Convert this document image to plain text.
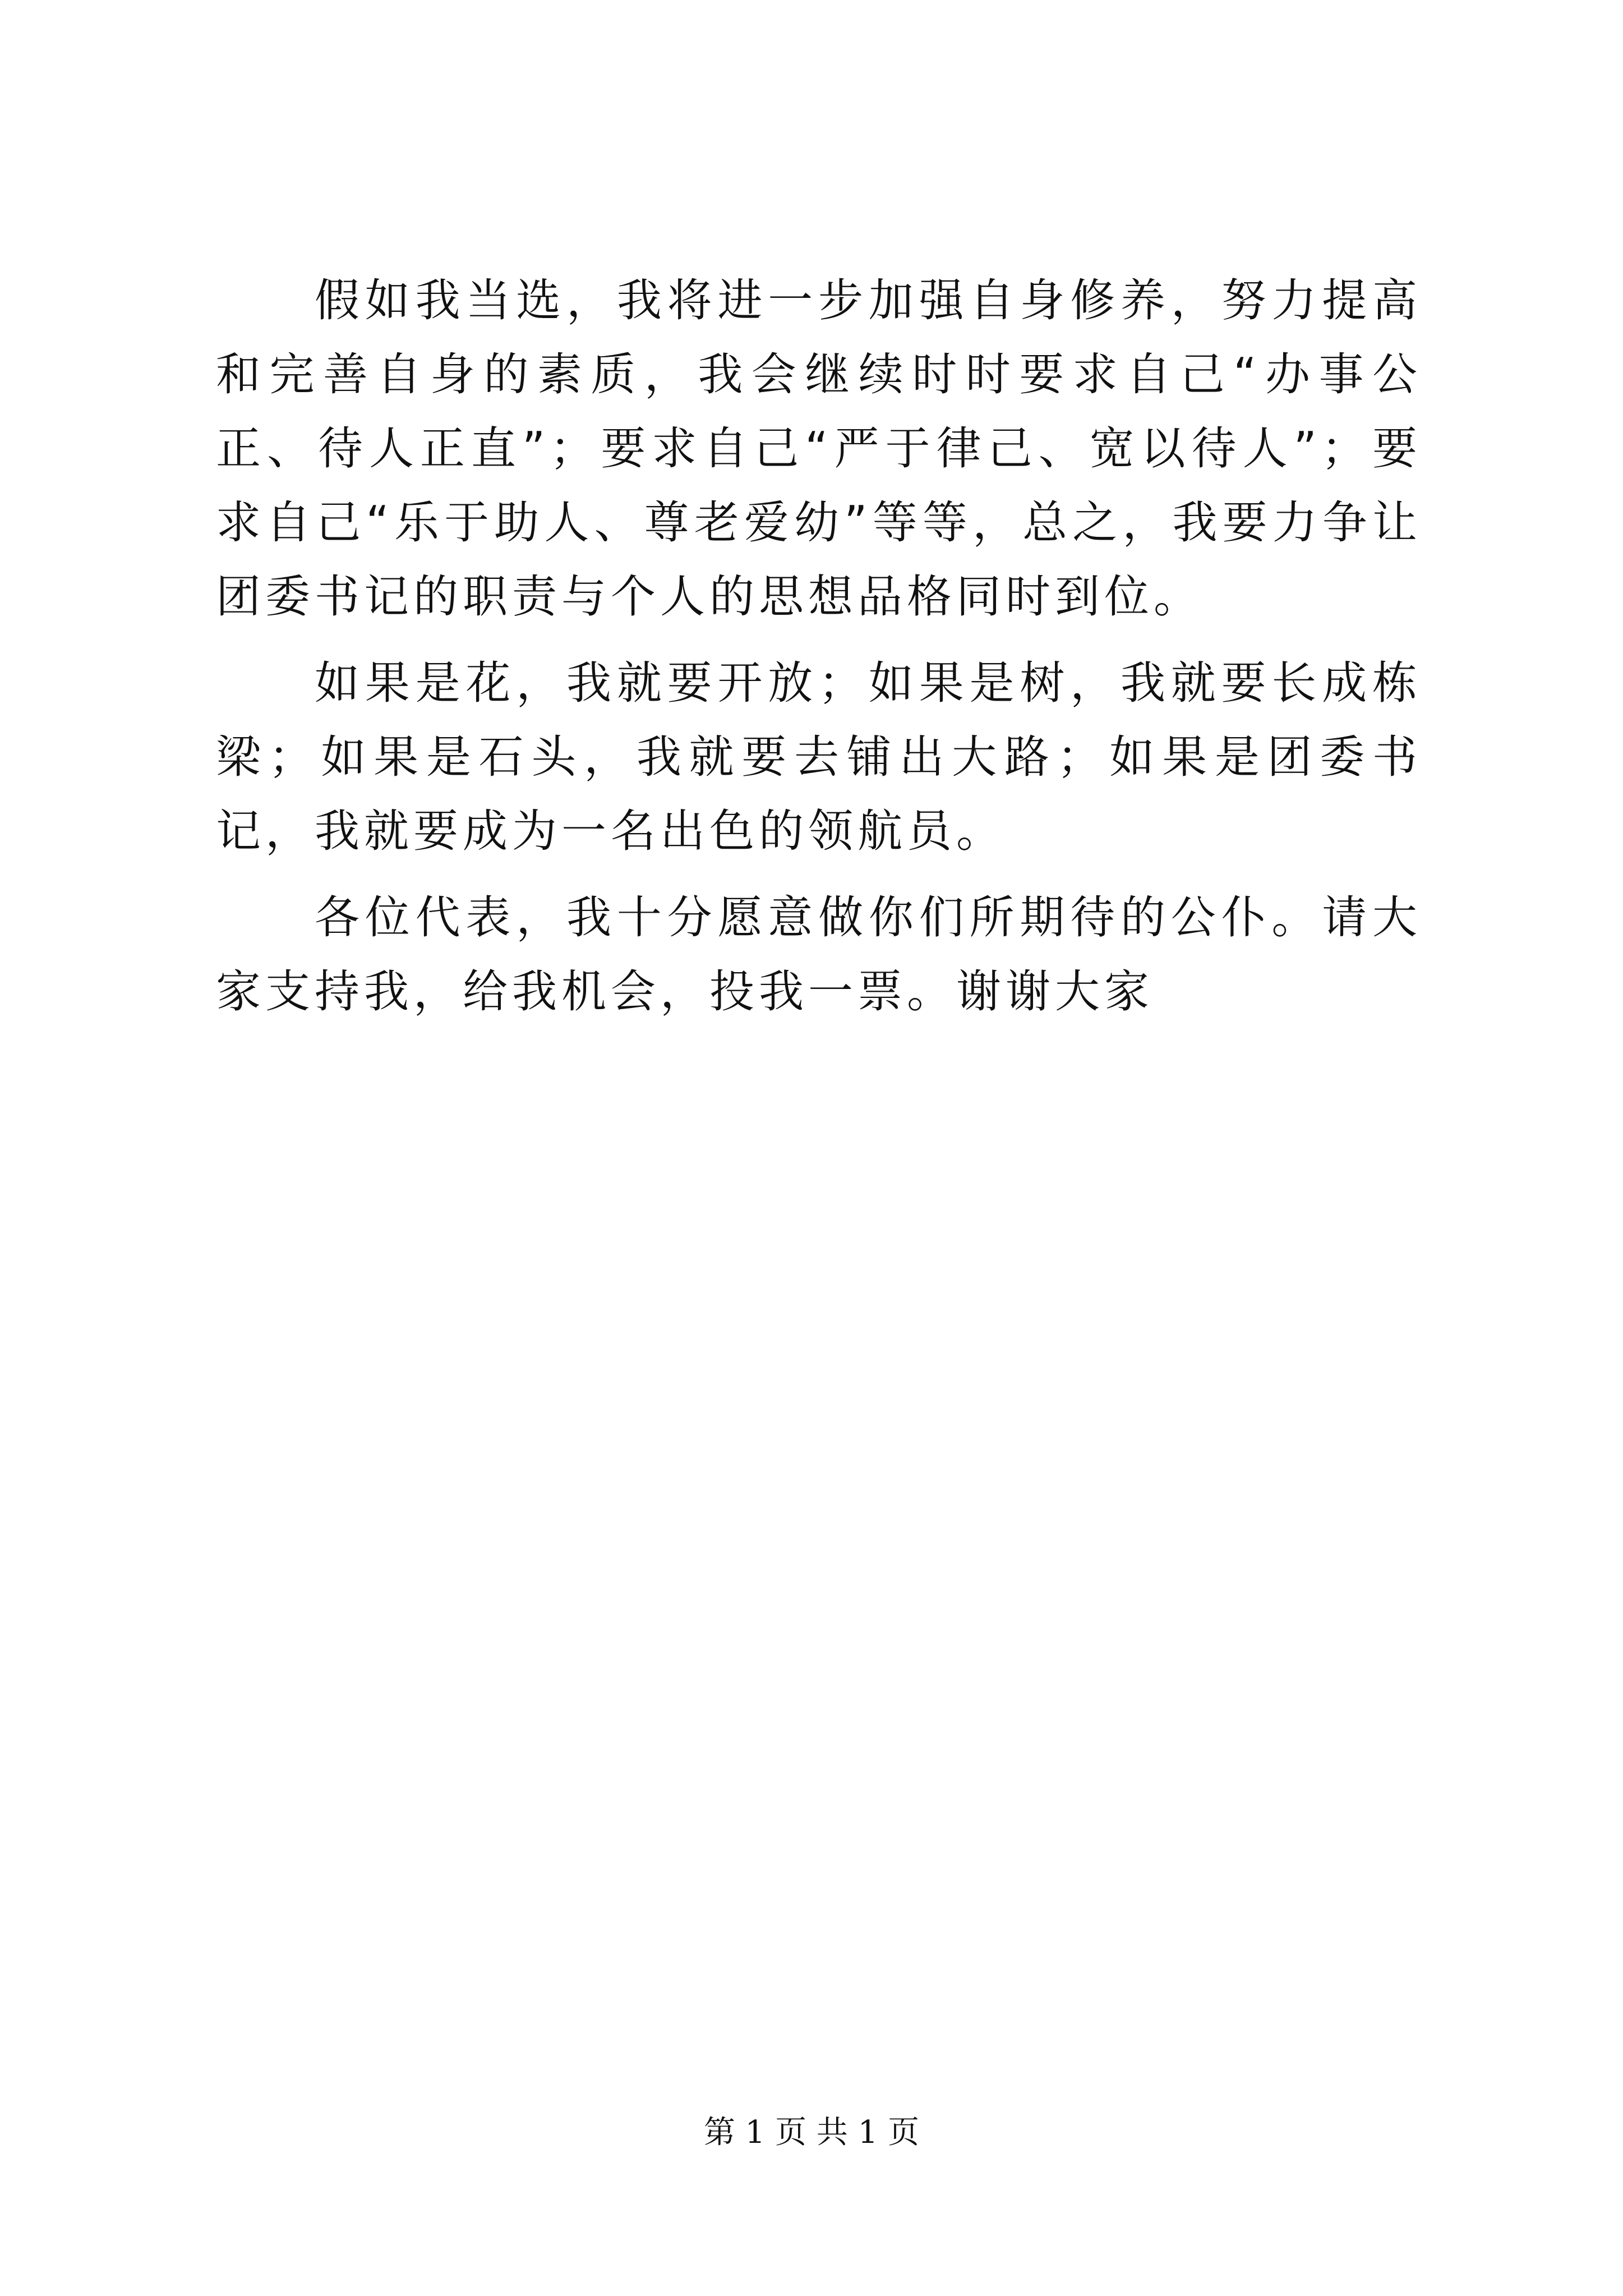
假如我当选，我将进一步加强自身修养，努力提高和完善自身的素质，我会继续时时要求自己“办事公正、待人正直”；要求自己“严于律己、宽以待人”；要求自己“乐于助人、尊老爱幼”等等，总之，我要力争让团委书记的职责与个人的思想品格同时到位。

如果是花，我就要开放；如果是树，我就要长成栋梁；如果是石头，我就要去铺出大路；如果是团委书记，我就要成为一名出色的领航员。

各位代表，我十分愿意做你们所期待的公仆。请大家支持我，给我机会，投我一票。谢谢大家

第 1 页 共 1 页
